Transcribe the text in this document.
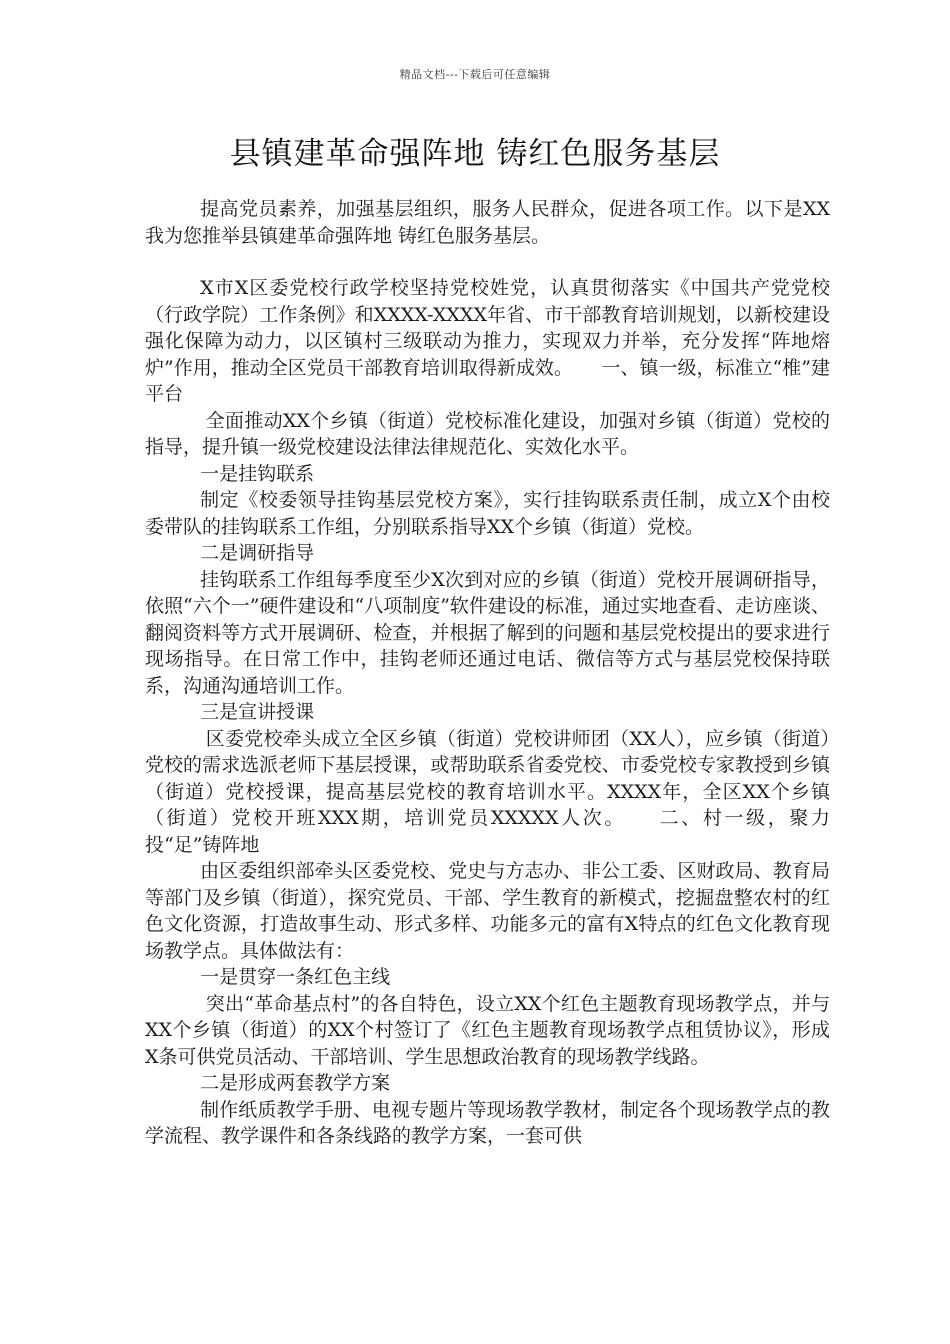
精品文档---下载后可任意编辑
县镇建革命强阵地 铸红色服务基层

提高党员素养，加强基层组织，服务人民群众，促进各项工作。以下是XX我为您推举县镇建革命强阵地 铸红色服务基层。

X市X区委党校行政学校坚持党校姓党，认真贯彻落实《中国共产党党校（行政学院）工作条例》和XXXX-XXXX年省、市干部教育培训规划，以新校建设强化保障为动力，以区镇村三级联动为推力，实现双力并举，充分发挥“阵地熔炉”作用，推动全区党员干部教育培训取得新成效。　　一、镇一级，标准立“椎”建平台

全面推动XX个乡镇（街道）党校标准化建设，加强对乡镇（街道）党校的指导，提升镇一级党校建设法律法律规范化、实效化水平。

一是挂钩联系

制定《校委领导挂钩基层党校方案》，实行挂钩联系责任制，成立X个由校委带队的挂钩联系工作组，分别联系指导XX个乡镇（街道）党校。

二是调研指导

挂钩联系工作组每季度至少X次到对应的乡镇（街道）党校开展调研指导，依照“六个一”硬件建设和“八项制度”软件建设的标准，通过实地查看、走访座谈、翻阅资料等方式开展调研、检查，并根据了解到的问题和基层党校提出的要求进行现场指导。在日常工作中，挂钩老师还通过电话、微信等方式与基层党校保持联系，沟通沟通培训工作。

三是宣讲授课

区委党校牵头成立全区乡镇（街道）党校讲师团（XX人），应乡镇（街道）党校的需求选派老师下基层授课，或帮助联系省委党校、市委党校专家教授到乡镇（街道）党校授课，提高基层党校的教育培训水平。XXXX年，全区XX个乡镇（街道）党校开班XXX期，培训党员XXXXX人次。　　二、村一级，聚力投“足”铸阵地

由区委组织部牵头区委党校、党史与方志办、非公工委、区财政局、教育局等部门及乡镇（街道），探究党员、干部、学生教育的新模式，挖掘盘整农村的红色文化资源，打造故事生动、形式多样、功能多元的富有X特点的红色文化教育现场教学点。具体做法有：

一是贯穿一条红色主线

突出“革命基点村”的各自特色，设立XX个红色主题教育现场教学点，并与XX个乡镇（街道）的XX个村签订了《红色主题教育现场教学点租赁协议》，形成X条可供党员活动、干部培训、学生思想政治教育的现场教学线路。

二是形成两套教学方案

制作纸质教学手册、电视专题片等现场教学教材，制定各个现场教学点的教学流程、教学课件和各条线路的教学方案，一套可供
